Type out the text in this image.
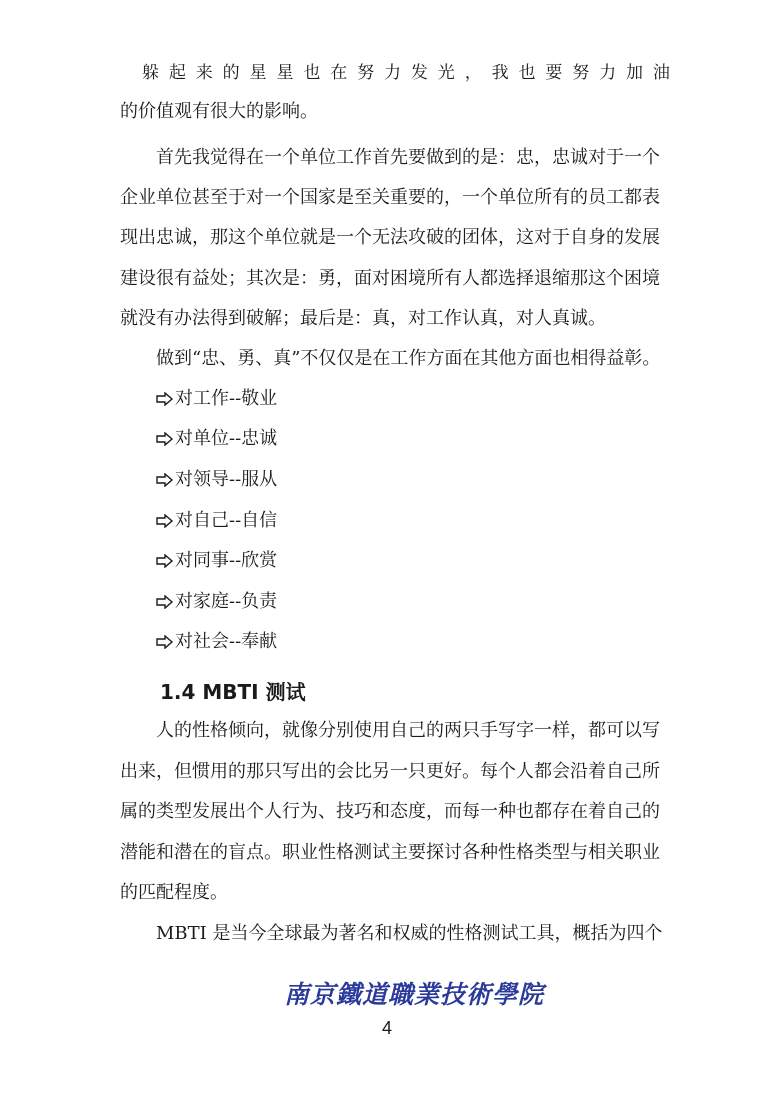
躲 起 来 的 星 星 也 在 努 力 发 光 ， 我 也 要 努 力 加 油
的价值观有很大的影响。
首先我觉得在一个单位工作首先要做到的是：忠，忠诚对于一个
企业单位甚至于对一个国家是至关重要的，一个单位所有的员工都表
现出忠诚，那这个单位就是一个无法攻破的团体，这对于自身的发展
建设很有益处；其次是：勇，面对困境所有人都选择退缩那这个困境
就没有办法得到破解；最后是：真，对工作认真，对人真诚。
做到“忠、勇、真”不仅仅是在工作方面在其他方面也相得益彰。
对工作--敬业
对单位--忠诚
对领导--服从
对自己--自信
对同事--欣赏
对家庭--负责
对社会--奉献
1.4 MBTI 测试
人的性格倾向，就像分别使用自己的两只手写字一样，都可以写
出来，但惯用的那只写出的会比另一只更好。每个人都会沿着自己所
属的类型发展出个人行为、技巧和态度，而每一种也都存在着自己的
潜能和潜在的盲点。职业性格测试主要探讨各种性格类型与相关职业
的匹配程度。
MBTI 是当今全球最为著名和权威的性格测试工具，概括为四个
南京鐵道職業技術學院
4
